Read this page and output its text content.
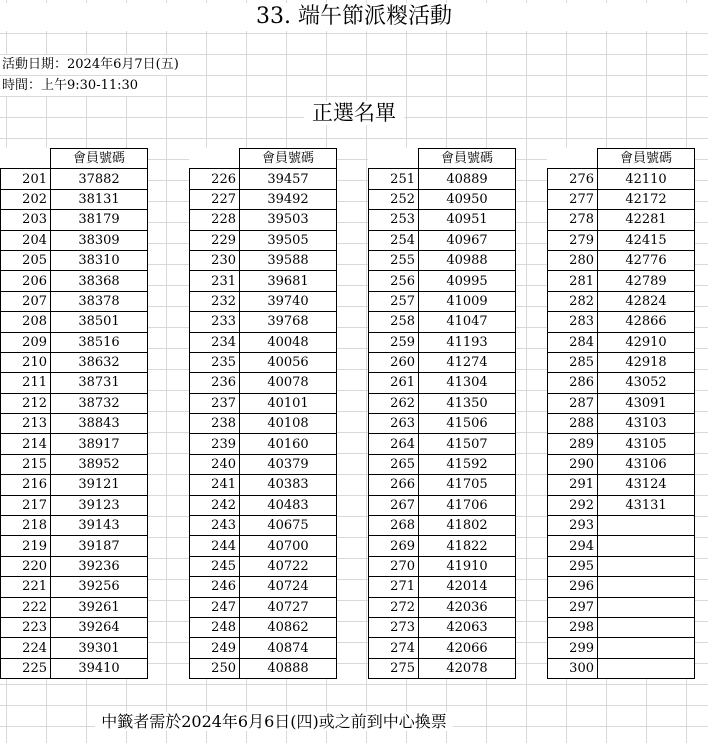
33. 端午節派糉活動
活動日期：2024年6月7日(五)
時間：上午9:30-11:30
正選名單
	會員號碼
201	37882
202	38131
203	38179
204	38309
205	38310
206	38368
207	38378
208	38501
209	38516
210	38632
211	38731
212	38732
213	38843
214	38917
215	38952
216	39121
217	39123
218	39143
219	39187
220	39236
221	39256
222	39261
223	39264
224	39301
225	39410
	會員號碼
226	39457
227	39492
228	39503
229	39505
230	39588
231	39681
232	39740
233	39768
234	40048
235	40056
236	40078
237	40101
238	40108
239	40160
240	40379
241	40383
242	40483
243	40675
244	40700
245	40722
246	40724
247	40727
248	40862
249	40874
250	40888
	會員號碼
251	40889
252	40950
253	40951
254	40967
255	40988
256	40995
257	41009
258	41047
259	41193
260	41274
261	41304
262	41350
263	41506
264	41507
265	41592
266	41705
267	41706
268	41802
269	41822
270	41910
271	42014
272	42036
273	42063
274	42066
275	42078
	會員號碼
276	42110
277	42172
278	42281
279	42415
280	42776
281	42789
282	42824
283	42866
284	42910
285	42918
286	43052
287	43091
288	43103
289	43105
290	43106
291	43124
292	43131
293	
294	
295	
296	
297	
298	
299	
300	
中籤者需於2024年6月6日(四)或之前到中心換票
